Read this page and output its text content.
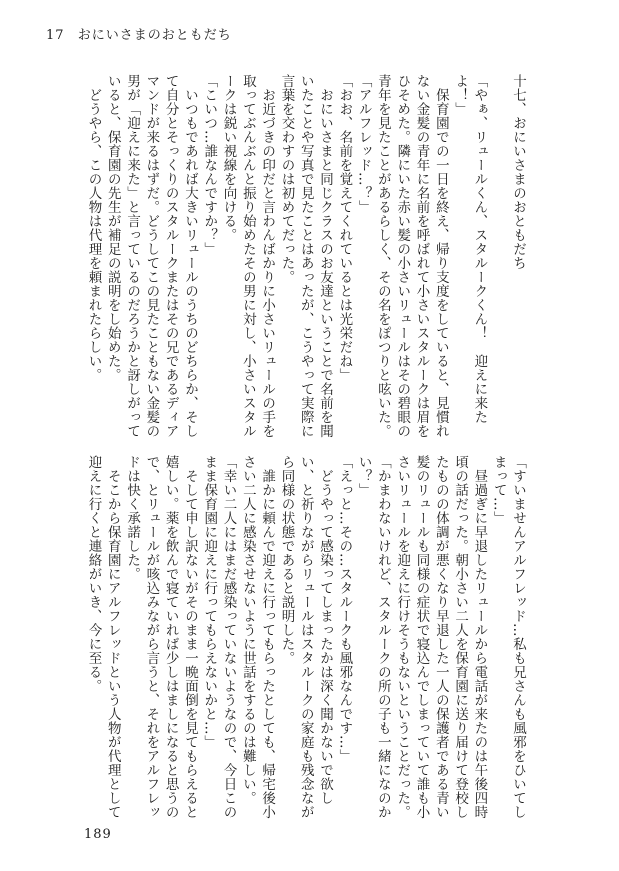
17 おにいさまのおともだち
十七、おにいさまのおともだち

「やぁ、リュールくん、スタルークくん！　迎えに来たよ！」
　保育園での一日を終え、帰り支度をしていると、見慣れない金髪の青年に名前を呼ばれて小さいスタルークは眉をひそめた。隣にいた赤い髪の小さいリュールはその碧眼の青年を見たことがあるらしく、その名をぽつりと呟いた。
「アルフレッド…？」
「おお、名前を覚えてくれているとは光栄だね」
　おにいさまと同じクラスのお友達ということで名前を聞いたことや写真で見たことはあったが、こうやって実際に言葉を交わすのは初めてだった。
　お近づきの印だと言わんばかりに小さいリュールの手を取ってぶんぶんと振り始めたその男に対し、小さいスタルークは鋭い視線を向ける。
「こいつ…誰なんですか？」
　いつもであれば大きいリュールのうちのどちらか、そして自分とそっくりのスタルークまたはその兄であるディアマンドが来るはずだ。どうしてこの見たこともない金髪の男が「迎えに来た」と言っているのだろうかと訝しがっていると、保育園の先生が補足の説明をし始めた。
　どうやら、この人物は代理を頼まれたらしい。
「すいませんアルフレッド…私も兄さんも風邪をひいてしまって…」
　昼過ぎに早退したリュールから電話が来たのは午後四時頃の話だった。朝小さい二人を保育園に送り届けて登校したものの体調が悪くなり早退した一人の保護者である青い髪のリュールも同様の症状で寝込んでしまっていて誰も小さいリュールを迎えに行けそうもないということだった。
「かまわないけれど、スタルークの所の子も一緒になのかい？」
「えっと…その…スタルークも風邪なんです…」
　どうやって感染ってしまったかは深く聞かないで欲しい、と祈りながらリュールはスタルークの家庭も残念ながら同様の状態であると説明した。
　誰かに頼んで迎えに行ってもらったとしても、帰宅後小さい二人に感染させないように世話をするのは難しい。
「幸い二人にはまだ感染っていないようなので、今日このまま保育園に迎えに行ってもらえないかと…」
　そして申し訳ないがそのまま一晩面倒を見てもらえると嬉しい。薬を飲んで寝ていれば少しはましになると思うので、とリュールが咳込みながら言うと、それをアルフレッドは快く承諾した。
　そこから保育園にアルフレッドという人物が代理として迎えに行くと連絡がいき、今に至る。
189
